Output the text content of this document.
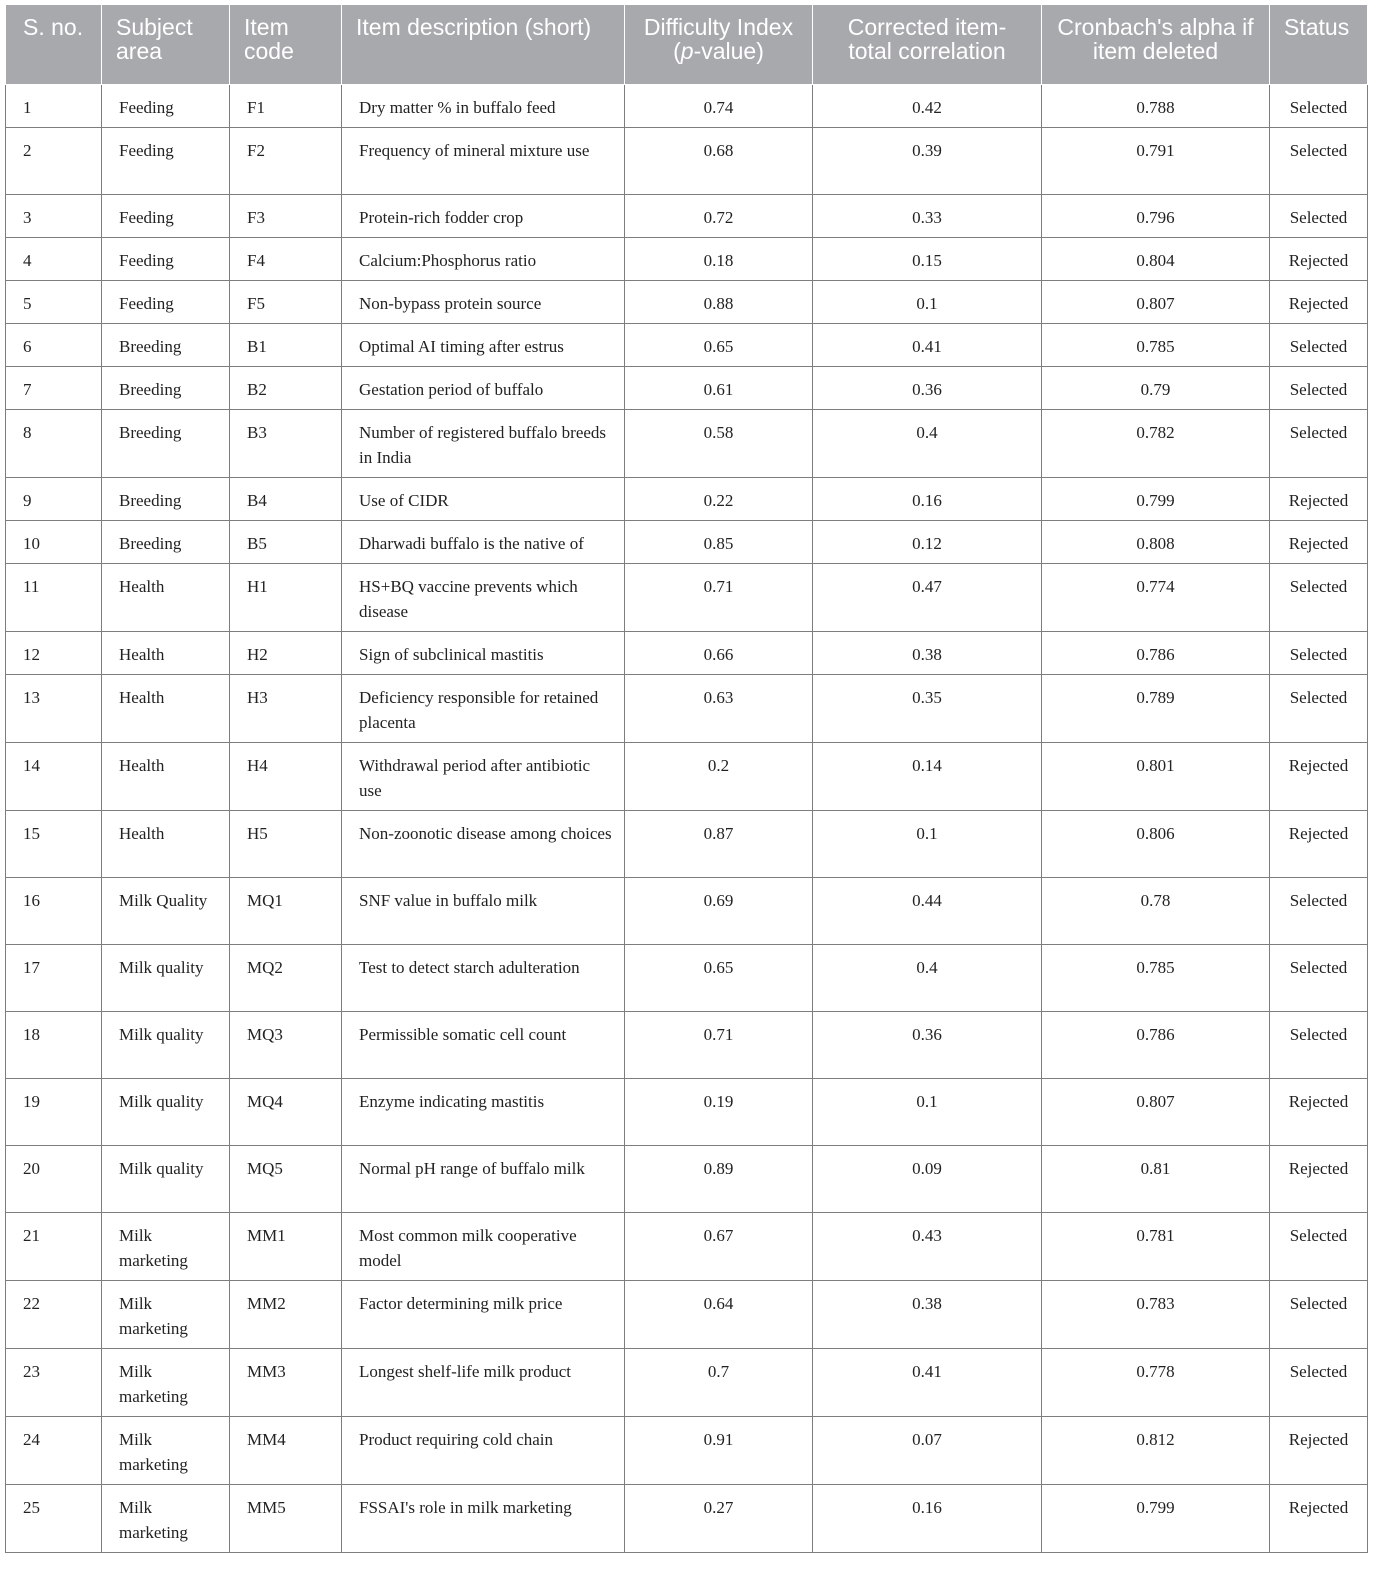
S. no.	Subject area	Item code	Item description (short)	Difficulty Index (p-value)	Corrected item-total correlation	Cronbach's alpha if item deleted	Status
1	Feeding	F1	Dry matter % in buffalo feed	0.74	0.42	0.788	Selected
2	Feeding	F2	Frequency of mineral mixture use	0.68	0.39	0.791	Selected
3	Feeding	F3	Protein-rich fodder crop	0.72	0.33	0.796	Selected
4	Feeding	F4	Calcium:Phosphorus ratio	0.18	0.15	0.804	Rejected
5	Feeding	F5	Non-bypass protein source	0.88	0.1	0.807	Rejected
6	Breeding	B1	Optimal AI timing after estrus	0.65	0.41	0.785	Selected
7	Breeding	B2	Gestation period of buffalo	0.61	0.36	0.79	Selected
8	Breeding	B3	Number of registered buffalo breeds in India	0.58	0.4	0.782	Selected
9	Breeding	B4	Use of CIDR	0.22	0.16	0.799	Rejected
10	Breeding	B5	Dharwadi buffalo is the native of	0.85	0.12	0.808	Rejected
11	Health	H1	HS+BQ vaccine prevents which disease	0.71	0.47	0.774	Selected
12	Health	H2	Sign of subclinical mastitis	0.66	0.38	0.786	Selected
13	Health	H3	Deficiency responsible for retained placenta	0.63	0.35	0.789	Selected
14	Health	H4	Withdrawal period after antibiotic use	0.2	0.14	0.801	Rejected
15	Health	H5	Non-zoonotic disease among choices	0.87	0.1	0.806	Rejected
16	Milk Quality	MQ1	SNF value in buffalo milk	0.69	0.44	0.78	Selected
17	Milk quality	MQ2	Test to detect starch adulteration	0.65	0.4	0.785	Selected
18	Milk quality	MQ3	Permissible somatic cell count	0.71	0.36	0.786	Selected
19	Milk quality	MQ4	Enzyme indicating mastitis	0.19	0.1	0.807	Rejected
20	Milk quality	MQ5	Normal pH range of buffalo milk	0.89	0.09	0.81	Rejected
21	Milk marketing	MM1	Most common milk cooperative model	0.67	0.43	0.781	Selected
22	Milk marketing	MM2	Factor determining milk price	0.64	0.38	0.783	Selected
23	Milk marketing	MM3	Longest shelf-life milk product	0.7	0.41	0.778	Selected
24	Milk marketing	MM4	Product requiring cold chain	0.91	0.07	0.812	Rejected
25	Milk marketing	MM5	FSSAI's role in milk marketing	0.27	0.16	0.799	Rejected
